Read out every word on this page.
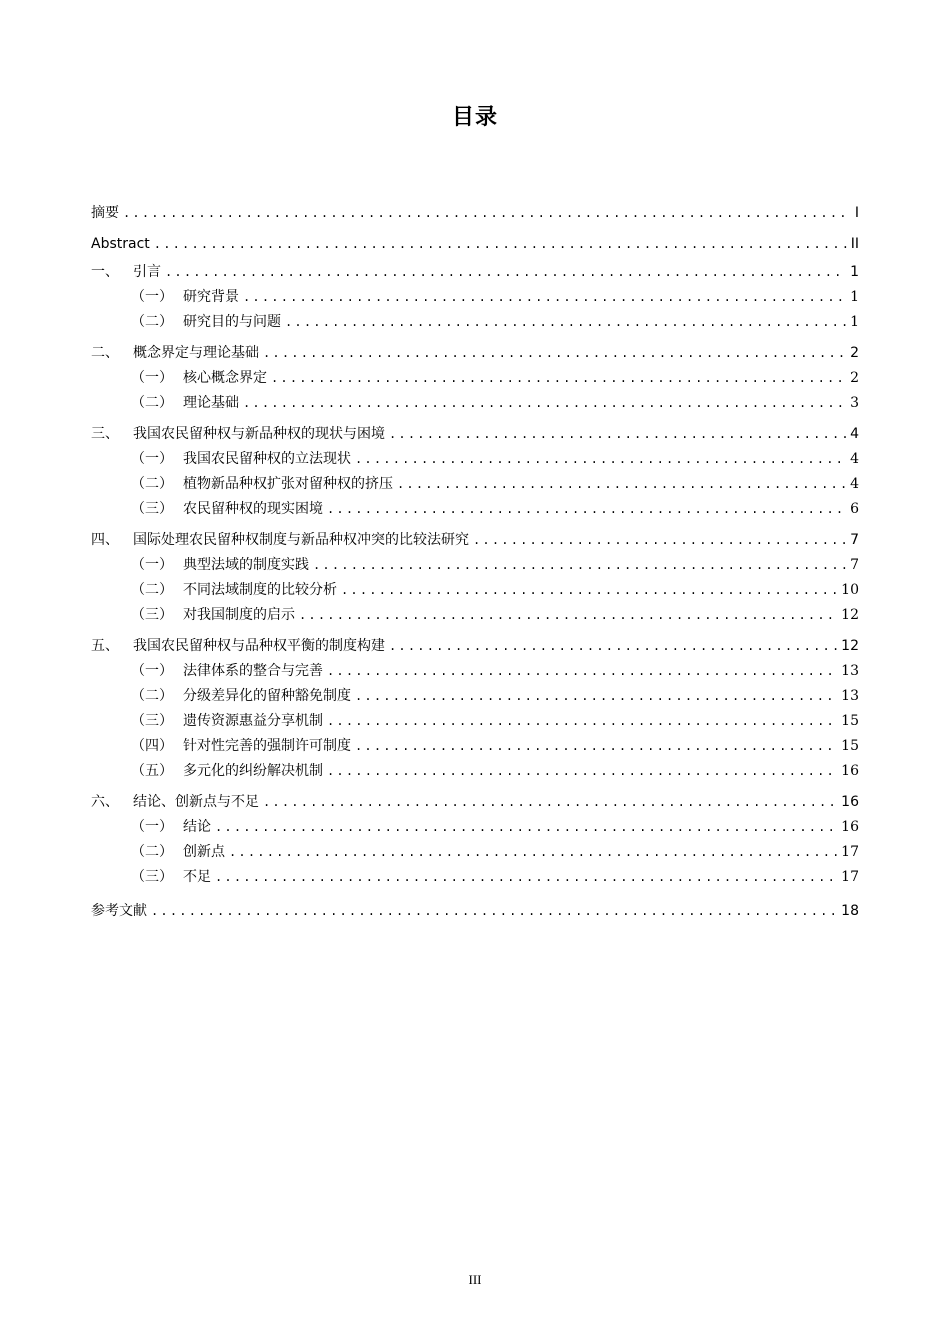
目录
摘要 .....	I
Abstract .....	II
一、	引言 .....	1
（一） 研究背景 .....	1
（二） 研究目的与问题 .....	1
二、	概念界定与理论基础 .....	2
（一） 核心概念界定 .....	2
（二） 理论基础 .....	3
三、	我国农民留种权与新品种权的现状与困境 .....	4
（一） 我国农民留种权的立法现状 .....	4
（二） 植物新品种权扩张对留种权的挤压 .....	4
（三） 农民留种权的现实困境 .....	6
四、	国际处理农民留种权制度与新品种权冲突的比较法研究 .....	7
（一） 典型法域的制度实践 .....	7
（二） 不同法域制度的比较分析 .....	10
（三） 对我国制度的启示 .....	12
五、	我国农民留种权与品种权平衡的制度构建 .....	12
（一） 法律体系的整合与完善 .....	13
（二） 分级差异化的留种豁免制度 .....	13
（三） 遗传资源惠益分享机制 .....	15
（四） 针对性完善的强制许可制度 .....	15
（五） 多元化的纠纷解决机制 .....	16
六、	结论、创新点与不足 .....	16
（一） 结论 .....	16
（二） 创新点 .....	17
（三） 不足 .....	17
参考文献 .....	18
III
